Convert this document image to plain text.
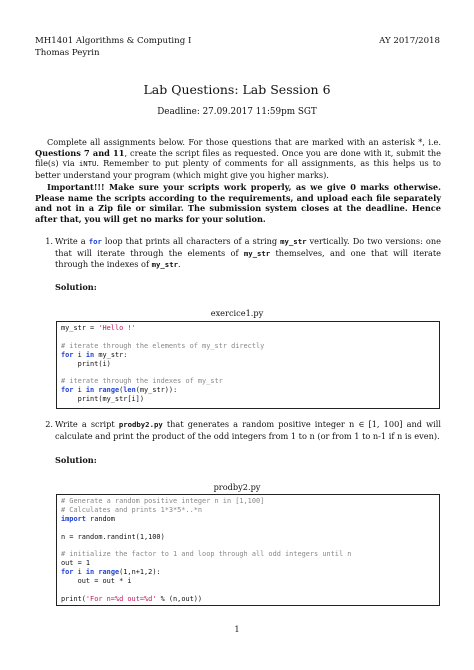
MH1401 Algorithms & Computing I
Thomas Peyrin
AY 2017/2018
Lab Questions: Lab Session 6
Deadline: 27.09.2017 11:59pm SGT
Complete all assignments below. For those questions that are marked with an asterisk *, i.e. Questions 7 and 11, create the script files as requested. Once you are done with it, submit the file(s) via iNTU. Remember to put plenty of comments for all assignments, as this helps us to better understand your program (which might give you higher marks).
Important!!! Make sure your scripts work properly, as we give 0 marks otherwise. Please name the scripts according to the requirements, and upload each file separately and not in a Zip file or similar. The submission system closes at the deadline. Hence after that, you will get no marks for your solution.
1. Write a for loop that prints all characters of a string my_str vertically. Do two versions: one that will iterate through the elements of my_str themselves, and one that will iterate through the indexes of my_str.
Solution:
exercice1.py
my_str = 'Hello !'
# iterate through the elements of my_str directly
for i in my_str:
print(i)
# iterate through the indexes of my_str
for i in range(len(my_str)):
print(my_str[i])
2. Write a script prodby2.py that generates a random positive integer n ∈ [1, 100] and will calculate and print the product of the odd integers from 1 to n (or from 1 to n-1 if n is even).
Solution:
prodby2.py
# Generate a random positive integer n in [1,100]
# Calculates and prints 1*3*5*..*n
import random
n = random.randint(1,100)
# initialize the factor to 1 and loop through all odd integers until n
out = 1
for i in range(1,n+1,2):
out = out * i
print('For n=%d out=%d' % (n,out))
1
